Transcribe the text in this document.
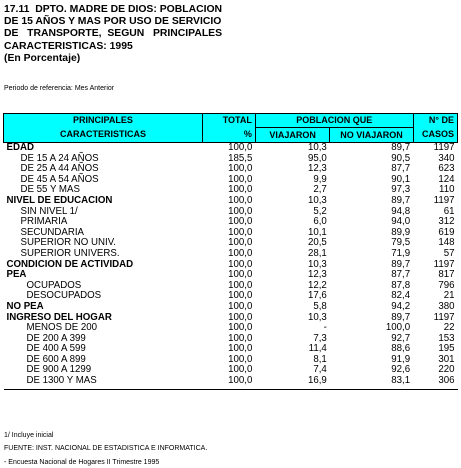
17.11  DPTO. MADRE DE DIOS: POBLACION
DE 15 AÑOS Y MAS POR USO DE SERVICIO
DE   TRANSPORTE,  SEGUN   PRINCIPALES
CARACTERISTICAS: 1995
(En Porcentaje)
Periodo de referencia: Mes Anterior
PRINCIPALES	TOTAL	POBLACION QUE		N° DE
CARACTERISTICAS	%	VIAJARON	NO VIAJARON	CASOS
EDAD	100,0	10,3	89,7	1197
DE 15 A 24 AÑOS	185,5	95,0	90,5	340
DE 25 A 44 AÑOS	100,0	12,3	87,7	623
DE 45 A 54 AÑOS	100,0	9,9	90,1	124
DE 55 Y MAS	100,0	2,7	97,3	110
NIVEL DE EDUCACION	100,0	10,3	89,7	1197
SIN NIVEL 1/	100,0	5,2	94,8	61
PRIMARIA	100,0	6,0	94,0	312
SECUNDARIA	100,0	10,1	89,9	619
SUPERIOR NO UNIV.	100,0	20,5	79,5	148
SUPERIOR UNIVERS.	100,0	28,1	71,9	57
CONDICION DE ACTIVIDAD	100,0	10,3	89,7	1197
PEA	100,0	12,3	87,7	817
OCUPADOS	100,0	12,2	87,8	796
DESOCUPADOS	100,0	17,6	82,4	21
NO PEA	100,0	5,8	94,2	380
INGRESO DEL HOGAR	100,0	10,3	89,7	1197
MENOS DE 200	100,0	-	100,0	22
DE 200 A 399	100,0	7,3	92,7	153
DE 400 A 599	100,0	11,4	88,6	195
DE 600 A 899	100,0	8,1	91,9	301
DE 900 A 1299	100,0	7,4	92,6	220
DE 1300 Y MAS	100,0	16,9	83,1	306
1/ Incluye inicial
FUENTE: INST. NACIONAL DE ESTADISTICA E INFORMATICA.
- Encuesta Nacional de Hogares II Trimestre 1995
